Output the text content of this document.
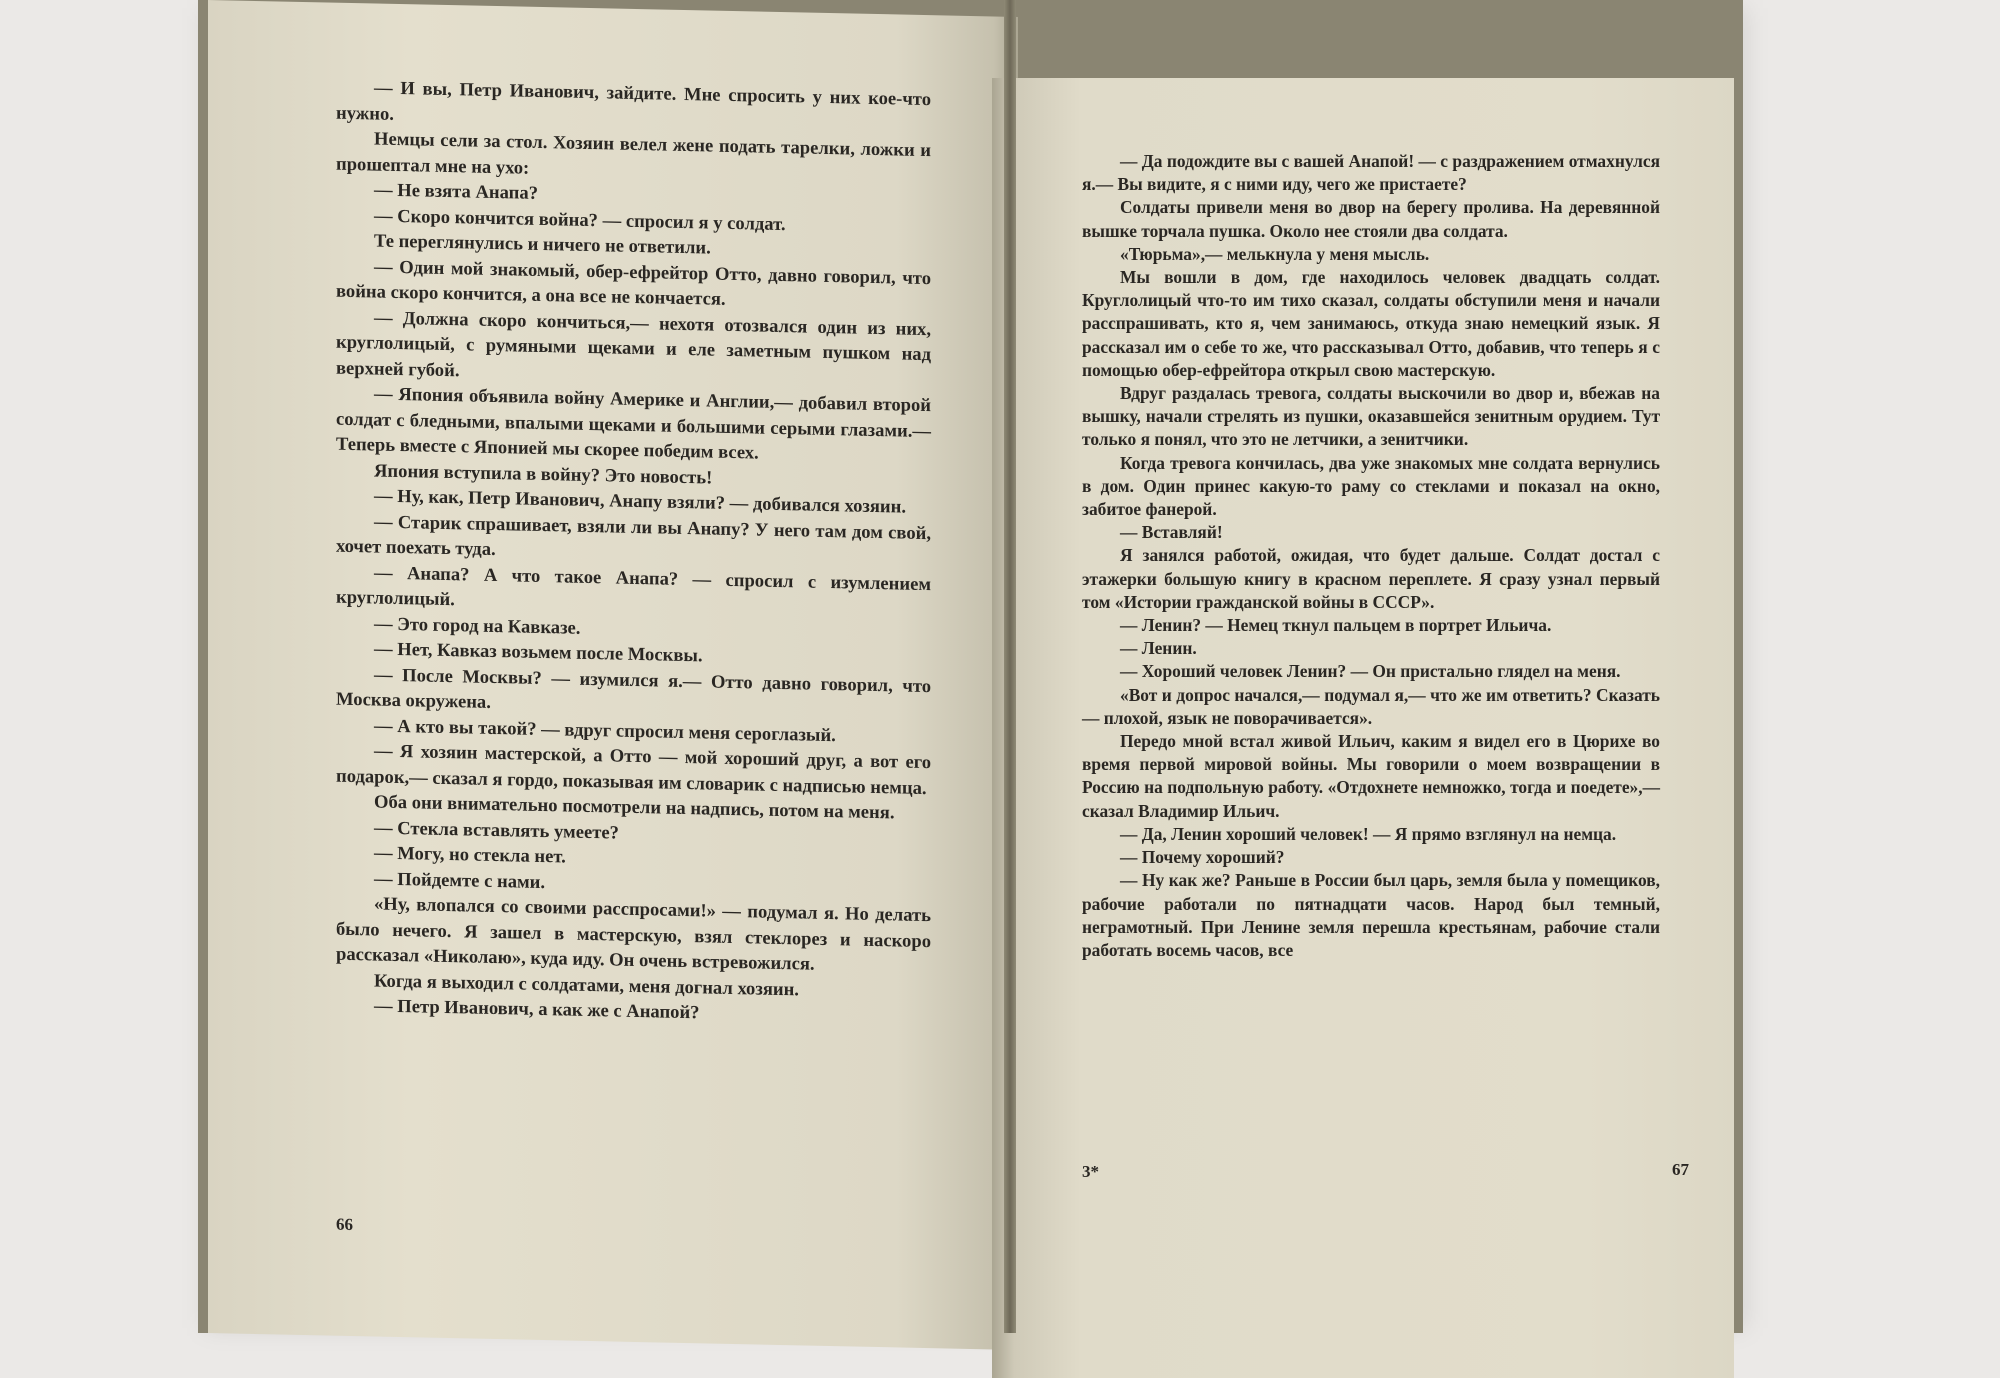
— И вы, Петр Иванович, зайдите. Мне спросить у них кое-что нужно.

Немцы сели за стол. Хозяин велел жене подать тарелки, ложки и прошептал мне на ухо:

— Не взята Анапа?

— Скоро кончится война? — спросил я у солдат.

Те переглянулись и ничего не ответили.

— Один мой знакомый, обер-ефрейтор Отто, давно говорил, что война скоро кончится, а она все не кончается.

— Должна скоро кончиться,— нехотя отозвался один из них, круглолицый, с румяными щеками и еле заметным пушком над верхней губой.

— Япония объявила войну Америке и Англии,— добавил второй солдат с бледными, впалыми щеками и большими серыми глазами.— Теперь вместе с Японией мы скорее победим всех.

Япония вступила в войну? Это новость!

— Ну, как, Петр Иванович, Анапу взяли? — добивался хозяин.

— Старик спрашивает, взяли ли вы Анапу? У него там дом свой, хочет поехать туда.

— Анапа? А что такое Анапа? — спросил с изумлением круглолицый.

— Это город на Кавказе.

— Нет, Кавказ возьмем после Москвы.

— После Москвы? — изумился я.— Отто давно говорил, что Москва окружена.

— А кто вы такой? — вдруг спросил меня сероглазый.

— Я хозяин мастерской, а Отто — мой хороший друг, а вот его подарок,— сказал я гордо, показывая им словарик с надписью немца.

Оба они внимательно посмотрели на надпись, потом на меня.

— Стекла вставлять умеете?

— Могу, но стекла нет.

— Пойдемте с нами.

«Ну, влопался со своими расспросами!» — подумал я. Но делать было нечего. Я зашел в мастерскую, взял стеклорез и наскоро рассказал «Николаю», куда иду. Он очень встревожился.

Когда я выходил с солдатами, меня догнал хозяин.

— Петр Иванович, а как же с Анапой?

66

— Да подождите вы с вашей Анапой! — с раздражением отмахнулся я.— Вы видите, я с ними иду, чего же пристаете?

Солдаты привели меня во двор на берегу пролива. На деревянной вышке торчала пушка. Около нее стояли два солдата.

«Тюрьма»,— мелькнула у меня мысль.

Мы вошли в дом, где находилось человек двадцать солдат. Круглолицый что-то им тихо сказал, солдаты обступили меня и начали расспрашивать, кто я, чем занимаюсь, откуда знаю немецкий язык. Я рассказал им о себе то же, что рассказывал Отто, добавив, что теперь я с помощью обер-ефрейтора открыл свою мастерскую.

Вдруг раздалась тревога, солдаты выскочили во двор и, вбежав на вышку, начали стрелять из пушки, оказавшейся зенитным орудием. Тут только я понял, что это не летчики, а зенитчики.

Когда тревога кончилась, два уже знакомых мне солдата вернулись в дом. Один принес какую-то раму со стеклами и показал на окно, забитое фанерой.

— Вставляй!

Я занялся работой, ожидая, что будет дальше. Солдат достал с этажерки большую книгу в красном переплете. Я сразу узнал первый том «Истории гражданской войны в СССР».

— Ленин? — Немец ткнул пальцем в портрет Ильича.

— Ленин.

— Хороший человек Ленин? — Он пристально глядел на меня.

«Вот и допрос начался,— подумал я,— что же им ответить? Сказать — плохой, язык не поворачивается».

Передо мной встал живой Ильич, каким я видел его в Цюрихе во время первой мировой войны. Мы говорили о моем возвращении в Россию на подпольную работу. «Отдохнете немножко, тогда и поедете»,— сказал Владимир Ильич.

— Да, Ленин хороший человек! — Я прямо взглянул на немца.

— Почему хороший?

— Ну как же? Раньше в России был царь, земля была у помещиков, рабочие работали по пятнадцати часов. Народ был темный, неграмотный. При Ленине земля перешла крестьянам, рабочие стали работать восемь часов, все

3*	67
